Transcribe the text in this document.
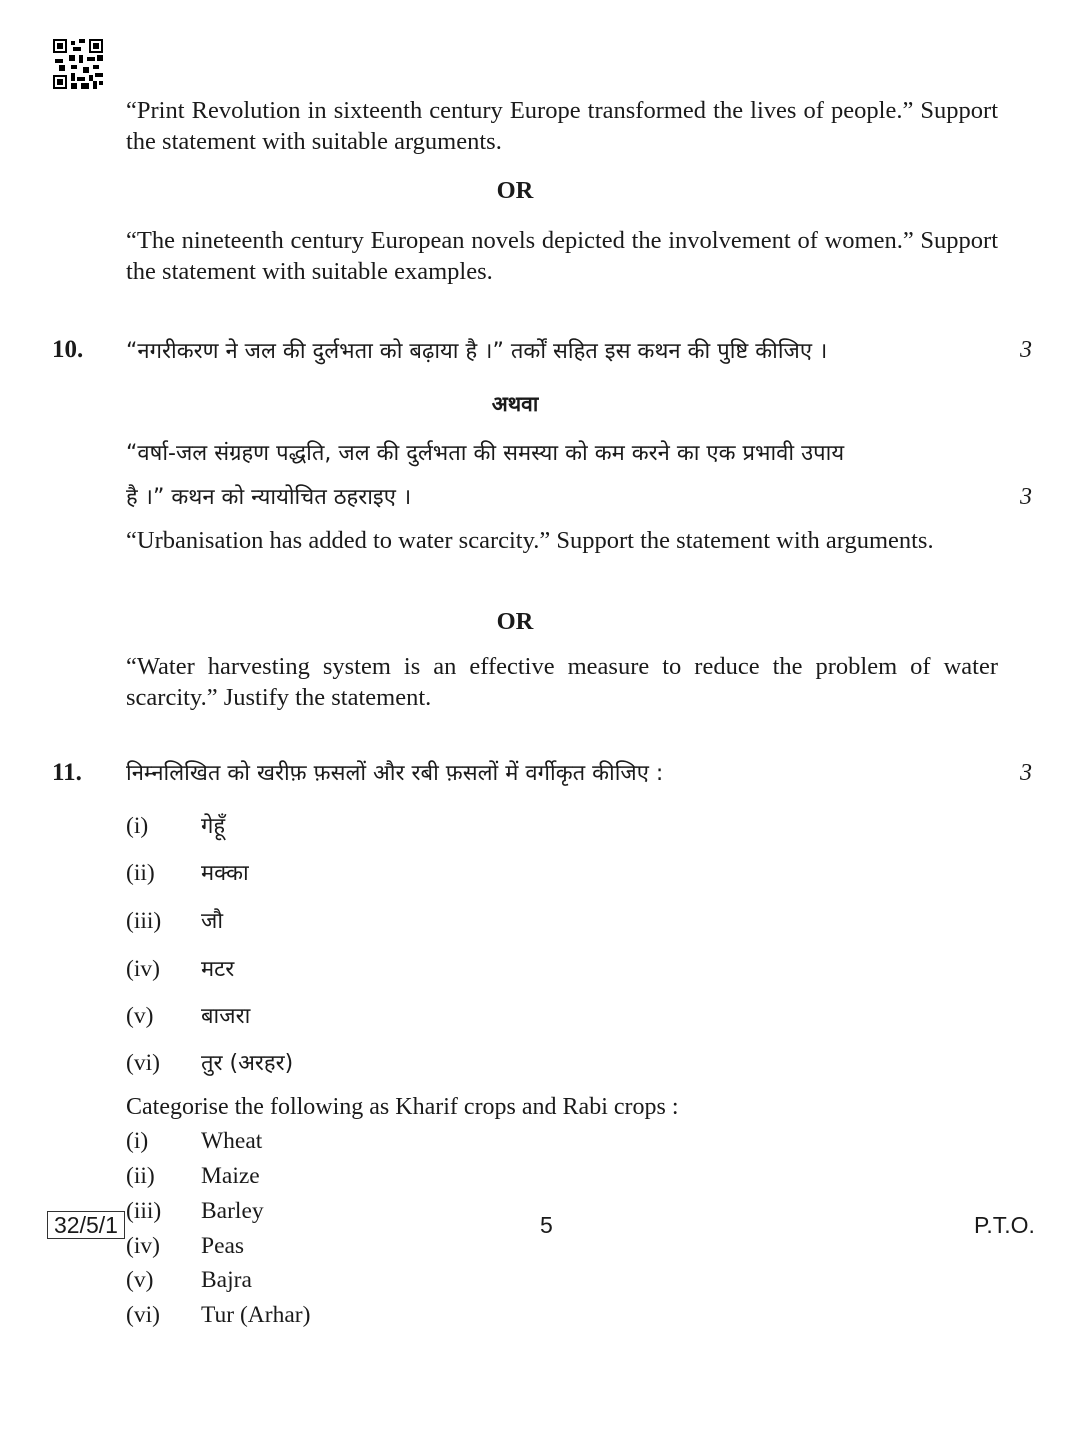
“Print Revolution in sixteenth century Europe transformed the lives of people.” Support the statement with suitable arguments.
OR
“The nineteenth century European novels depicted the involvement of women.” Support the statement with suitable examples.
10. “नगरीकरण ने जल की दुर्लभता को बढ़ाया है ।” तर्कों सहित इस कथन की पुष्टि कीजिए ।	3
अथवा
“वर्षा-जल संग्रहण पद्धति, जल की दुर्लभता की समस्या को कम करने का एक प्रभावी उपाय
है ।” कथन को न्यायोचित ठहराइए ।	3
“Urbanisation has added to water scarcity.” Support the statement with arguments.
OR
“Water harvesting system is an effective measure to reduce the problem of water scarcity.” Justify the statement.
11. निम्नलिखित को खरीफ़ फ़सलों और रबी फ़सलों में वर्गीकृत कीजिए :	3
(i) गेहूँ
(ii) मक्का
(iii) जौ
(iv) मटर
(v) बाजरा
(vi) तुर (अरहर)
Categorise the following as Kharif crops and Rabi crops :
(i) Wheat
(ii) Maize
(iii) Barley
(iv) Peas
(v) Bajra
(vi) Tur (Arhar)
32/5/1	5	P.T.O.
